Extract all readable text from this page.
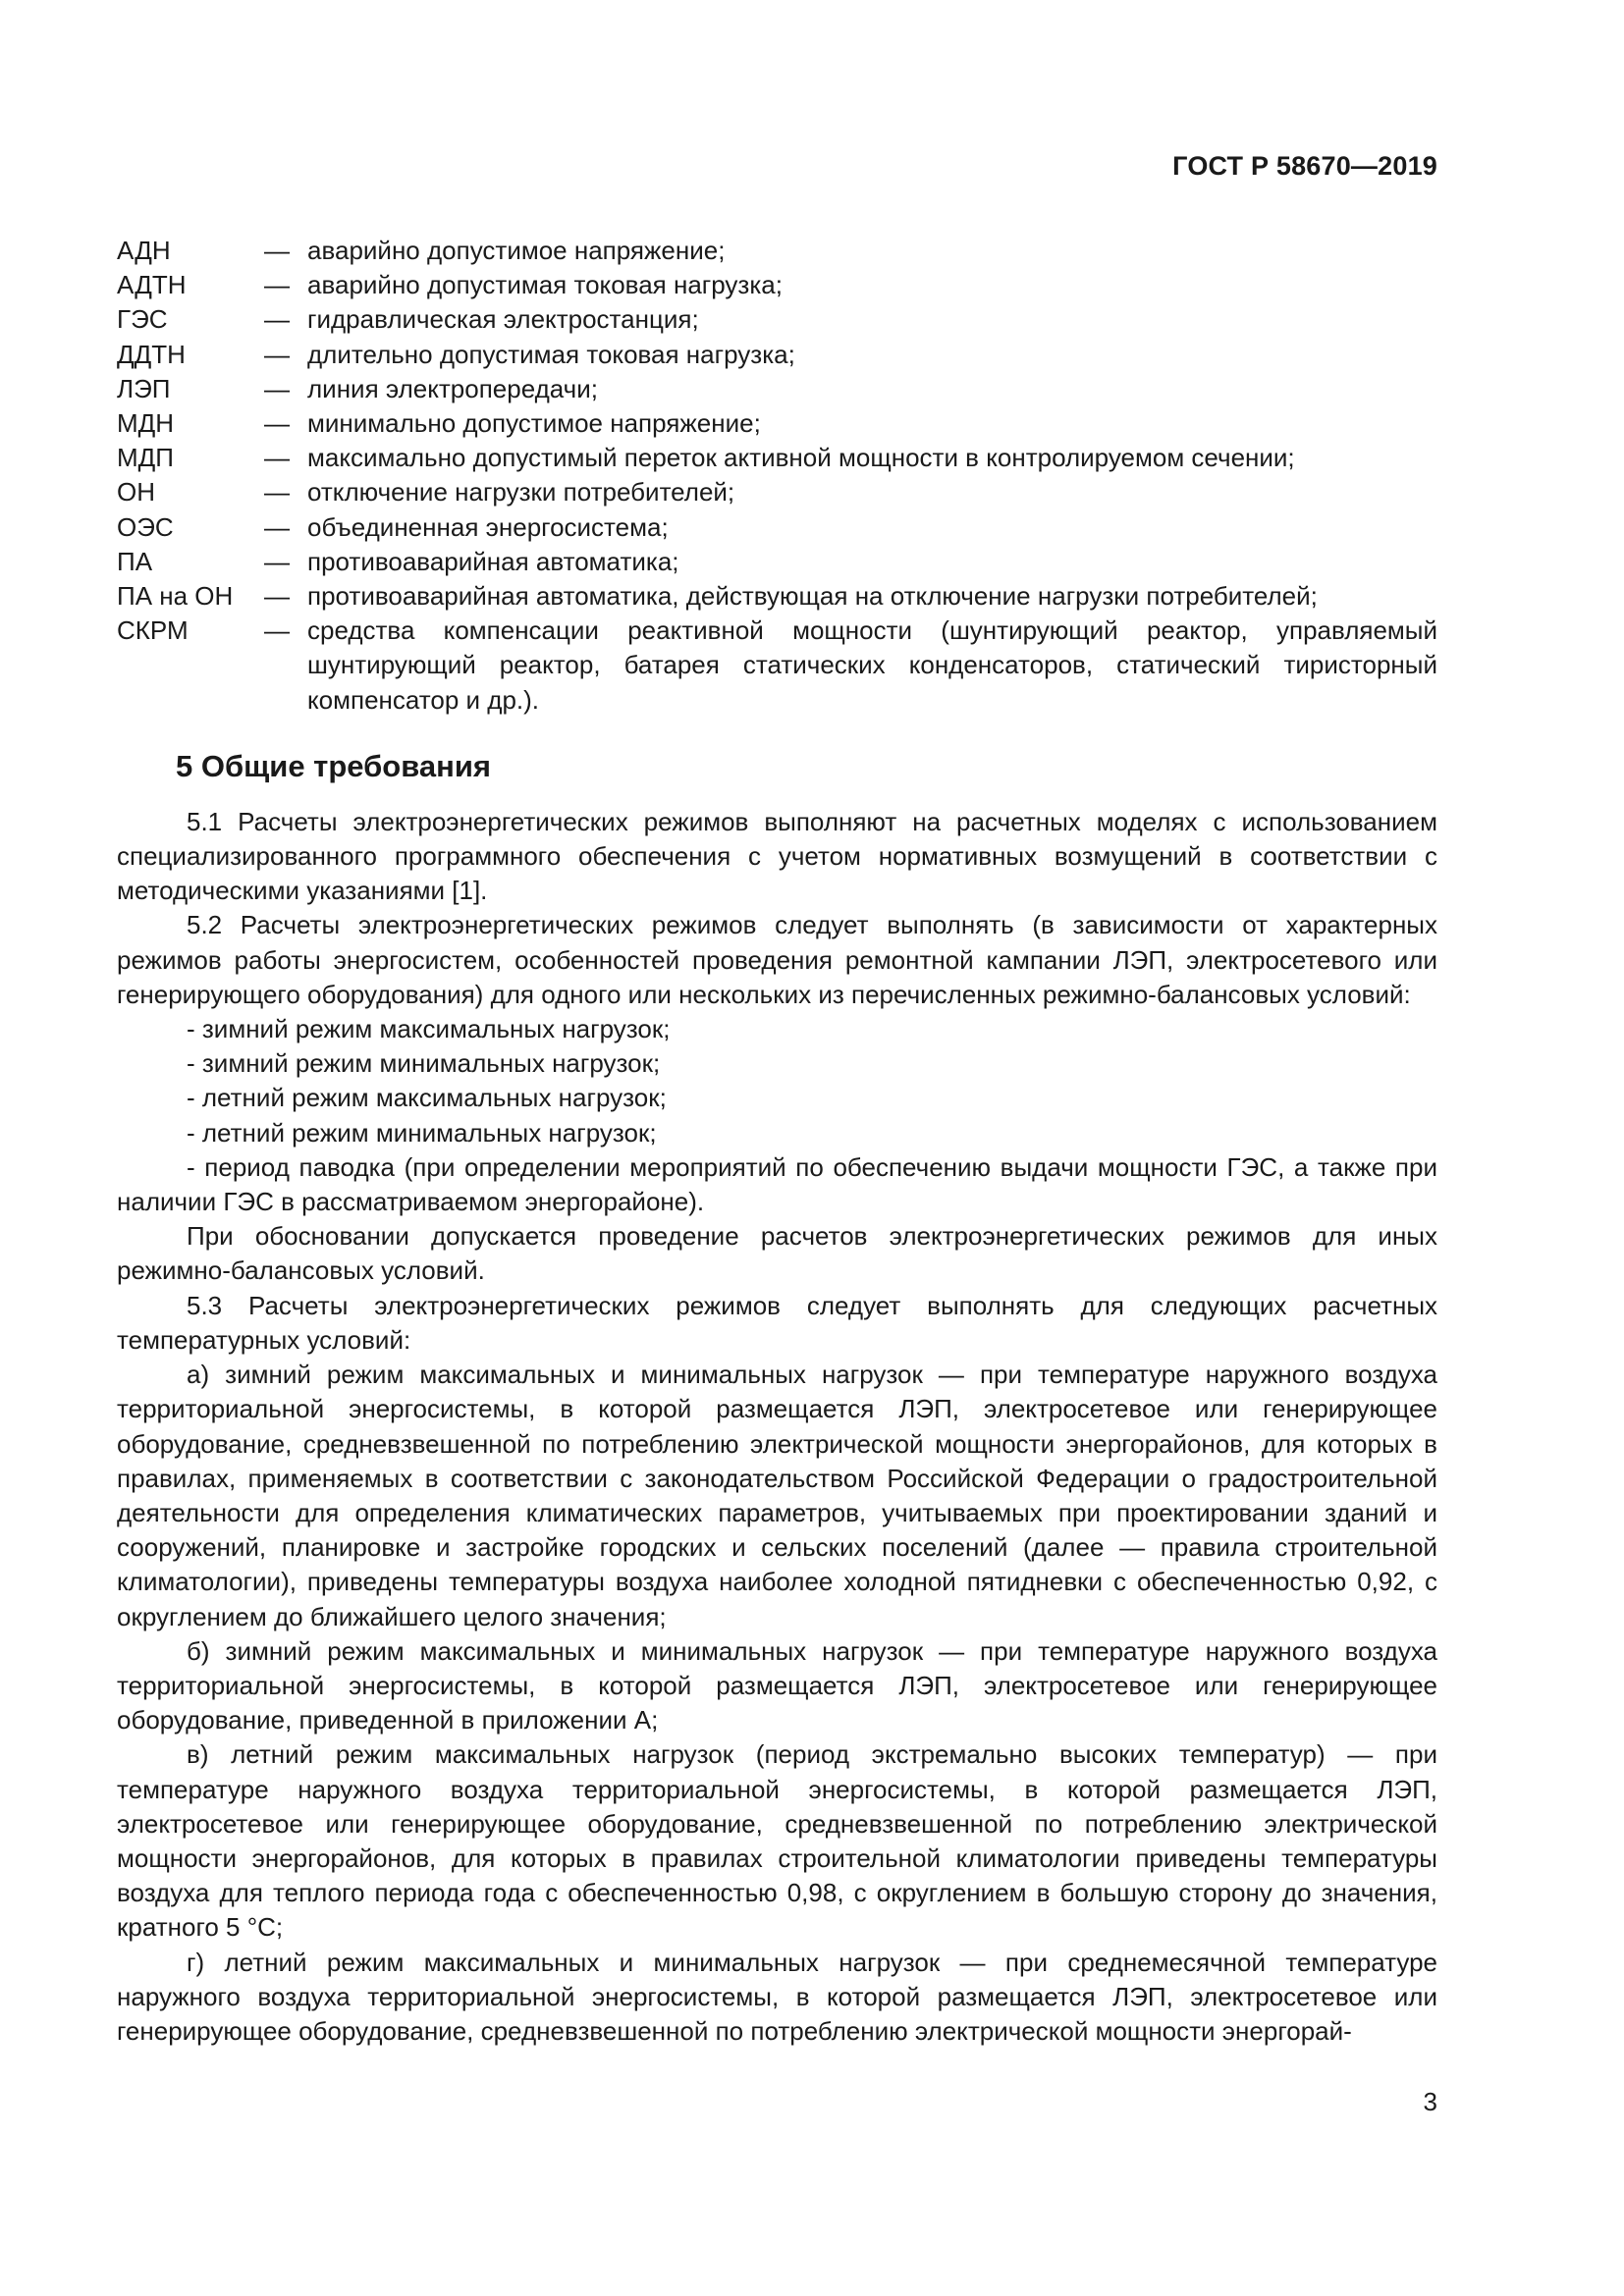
ГОСТ Р 58670—2019
АДН	— аварийно допустимое напряжение;
АДТН	— аварийно допустимая токовая нагрузка;
ГЭС	— гидравлическая электростанция;
ДДТН	— длительно допустимая токовая нагрузка;
ЛЭП	— линия электропередачи;
МДН	— минимально допустимое напряжение;
МДП	— максимально допустимый переток активной мощности в контролируемом сечении;
ОН	— отключение нагрузки потребителей;
ОЭС	— объединенная энергосистема;
ПА	— противоаварийная автоматика;
ПА на ОН	— противоаварийная автоматика, действующая на отключение нагрузки потребителей;
СКРМ	— средства компенсации реактивной мощности (шунтирующий реактор, управляемый шунтирующий реактор, батарея статических конденсаторов, статический тиристорный компенсатор и др.).
5 Общие требования

5.1 Расчеты электроэнергетических режимов выполняют на расчетных моделях с использованием специализированного программного обеспечения с учетом нормативных возмущений в соответствии с методическими указаниями [1].

5.2 Расчеты электроэнергетических режимов следует выполнять (в зависимости от характерных режимов работы энергосистем, особенностей проведения ремонтной кампании ЛЭП, электросетевого или генерирующего оборудования) для одного или нескольких из перечисленных режимно-балансовых условий:

- зимний режим максимальных нагрузок;

- зимний режим минимальных нагрузок;

- летний режим максимальных нагрузок;

- летний режим минимальных нагрузок;

- период паводка (при определении мероприятий по обеспечению выдачи мощности ГЭС, а также при наличии ГЭС в рассматриваемом энергорайоне).

При обосновании допускается проведение расчетов электроэнергетических режимов для иных режимно-балансовых условий.

5.3 Расчеты электроэнергетических режимов следует выполнять для следующих расчетных температурных условий:

а) зимний режим максимальных и минимальных нагрузок — при температуре наружного воздуха территориальной энергосистемы, в которой размещается ЛЭП, электросетевое или генерирующее оборудование, средневзвешенной по потреблению электрической мощности энергорайонов, для которых в правилах, применяемых в соответствии с законодательством Российской Федерации о градостроительной деятельности для определения климатических параметров, учитываемых при проектировании зданий и сооружений, планировке и застройке городских и сельских поселений (далее — правила строительной климатологии), приведены температуры воздуха наиболее холодной пятидневки с обеспеченностью 0,92, с округлением до ближайшего целого значения;

б) зимний режим максимальных и минимальных нагрузок — при температуре наружного воздуха территориальной энергосистемы, в которой размещается ЛЭП, электросетевое или генерирующее оборудование, приведенной в приложении А;

в) летний режим максимальных нагрузок (период экстремально высоких температур) — при температуре наружного воздуха территориальной энергосистемы, в которой размещается ЛЭП, электросетевое или генерирующее оборудование, средневзвешенной по потреблению электрической мощности энергорайонов, для которых в правилах строительной климатологии приведены температуры воздуха для теплого периода года с обеспеченностью 0,98, с округлением в большую сторону до значения, кратного 5 °C;

г) летний режим максимальных и минимальных нагрузок — при среднемесячной температуре наружного воздуха территориальной энергосистемы, в которой размещается ЛЭП, электросетевое или генерирующее оборудование, средневзвешенной по потреблению электрической мощности энергорай-

3
